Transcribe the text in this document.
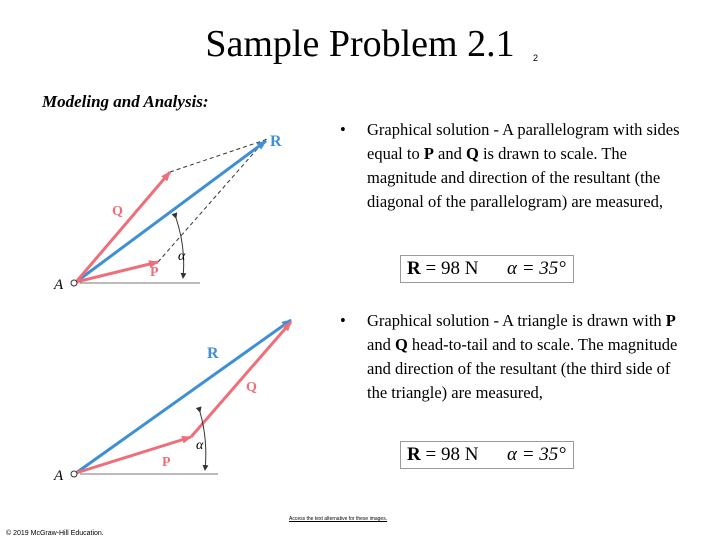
Sample Problem 2.1	2
Modeling and Analysis:
R
Q
P
A
α
R
Q
P
A
α
• Graphical solution - A parallelogram with sides equal to P and Q is drawn to scale. The magnitude and direction of the resultant (the diagonal of the parallelogram) are measured,
R = 98 N α = 35°
• Graphical solution - A triangle is drawn with P and Q head-to-tail and to scale. The magnitude and direction of the resultant (the third side of the triangle) are measured,
R = 98 N α = 35°
Access the text alternative for these images.
© 2019 McGraw-Hill Education.
